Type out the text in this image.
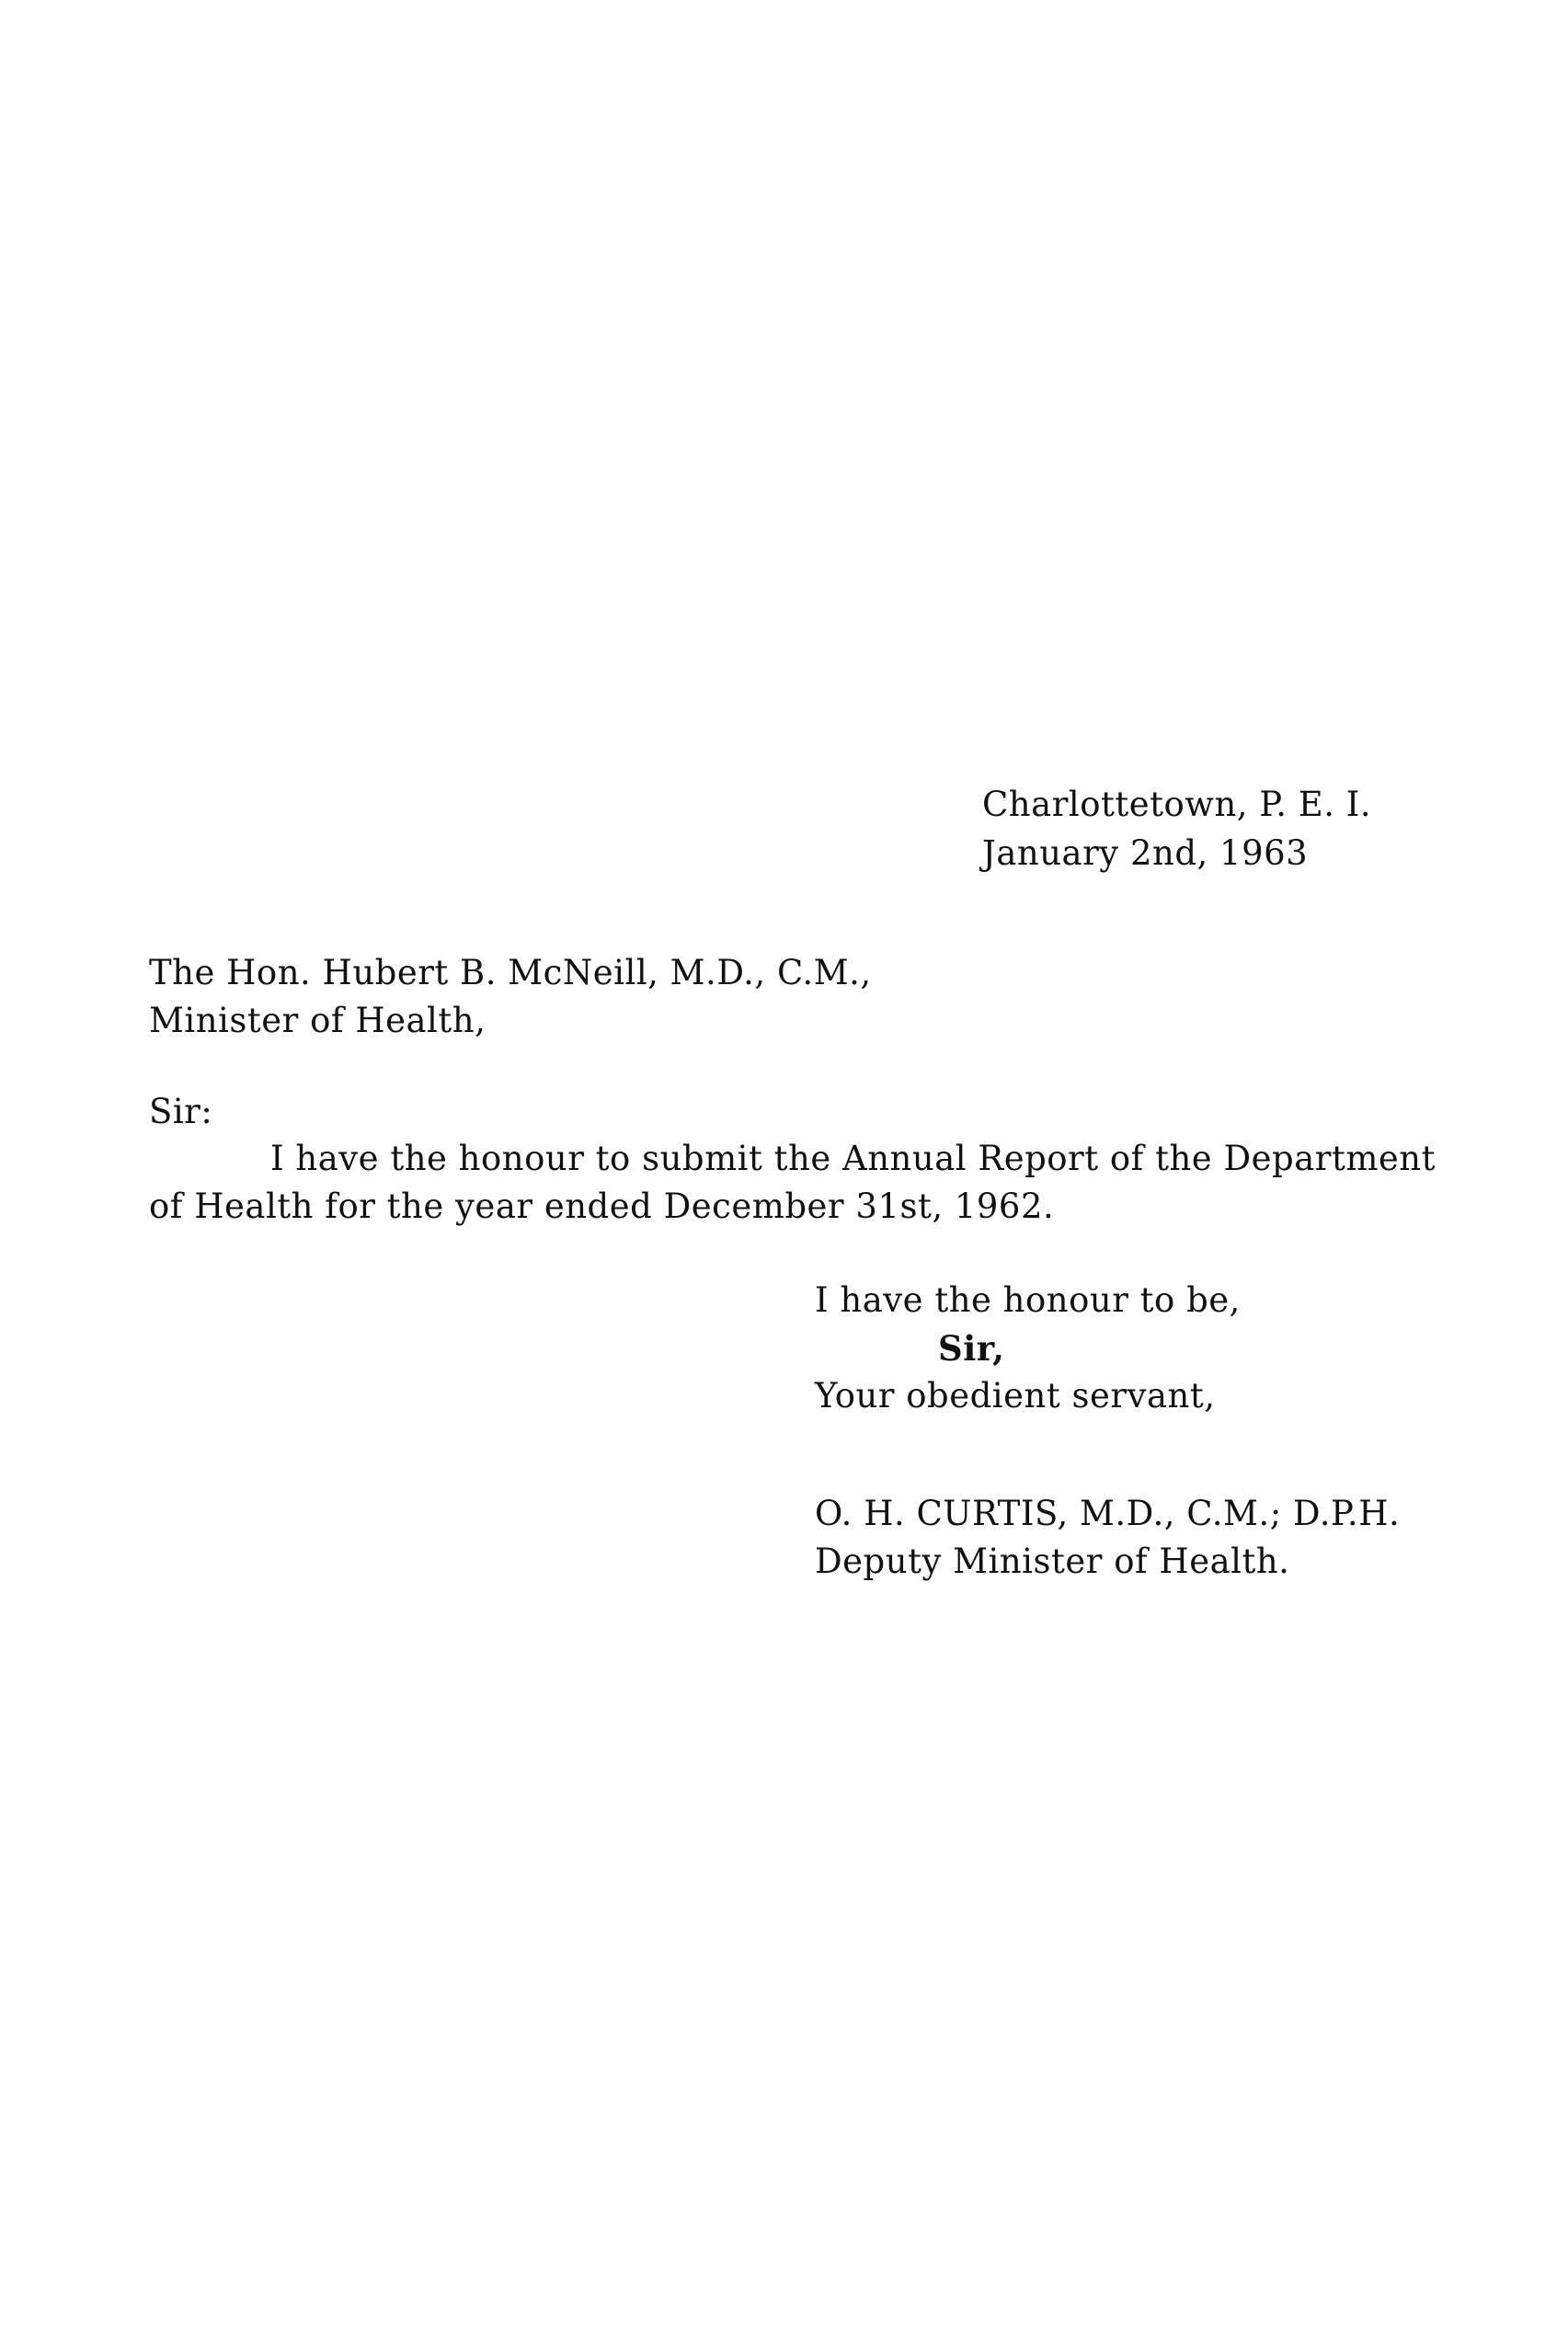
Charlottetown, P. E. I.
January 2nd, 1963
The Hon. Hubert B. McNeill, M.D., C.M.,
Minister of Health,
Sir:
I have the honour to submit the Annual Report of the Department
of Health for the year ended December 31st, 1962.
I have the honour to be,
Sir,
Your obedient servant,
O. H. CURTIS, M.D., C.M.; D.P.H.
Deputy Minister of Health.
